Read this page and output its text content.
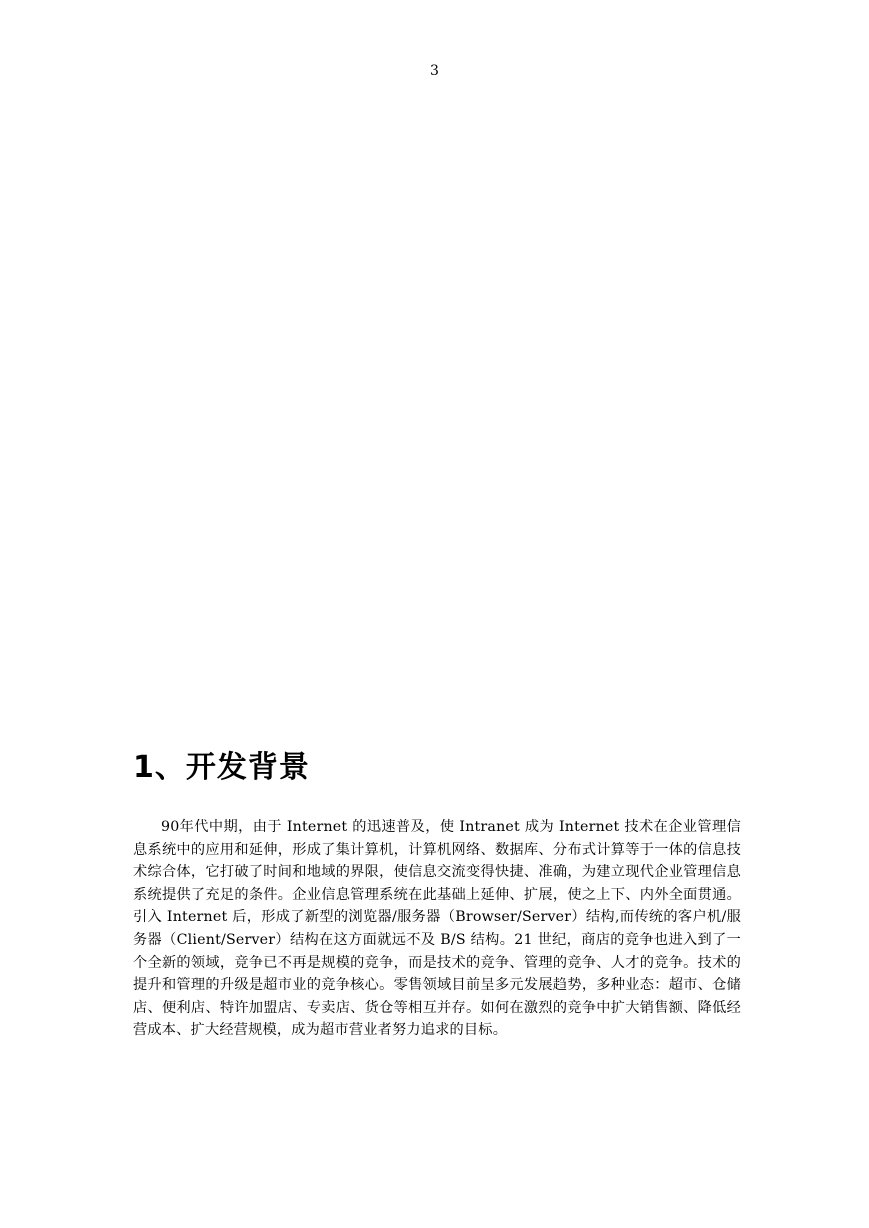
3
1、开发背景

90年代中期，由于 Internet 的迅速普及，使 Intranet 成为 Internet 技术在企业管理信息系统中的应用和延伸，形成了集计算机，计算机网络、数据库、分布式计算等于一体的信息技术综合体，它打破了时间和地域的界限，使信息交流变得快捷、准确，为建立现代企业管理信息系统提供了充足的条件。企业信息管理系统在此基础上延伸、扩展，使之上下、内外全面贯通。引入 Internet 后，形成了新型的浏览器/服务器（Browser/Server）结构,而传统的客户机/服务器（Client/Server）结构在这方面就远不及 B/S 结构。21 世纪，商店的竞争也进入到了一个全新的领域，竞争已不再是规模的竞争，而是技术的竞争、管理的竞争、人才的竞争。技术的提升和管理的升级是超市业的竞争核心。零售领域目前呈多元发展趋势，多种业态：超市、仓储店、便利店、特许加盟店、专卖店、货仓等相互并存。如何在激烈的竞争中扩大销售额、降低经营成本、扩大经营规模，成为超市营业者努力追求的目标。
